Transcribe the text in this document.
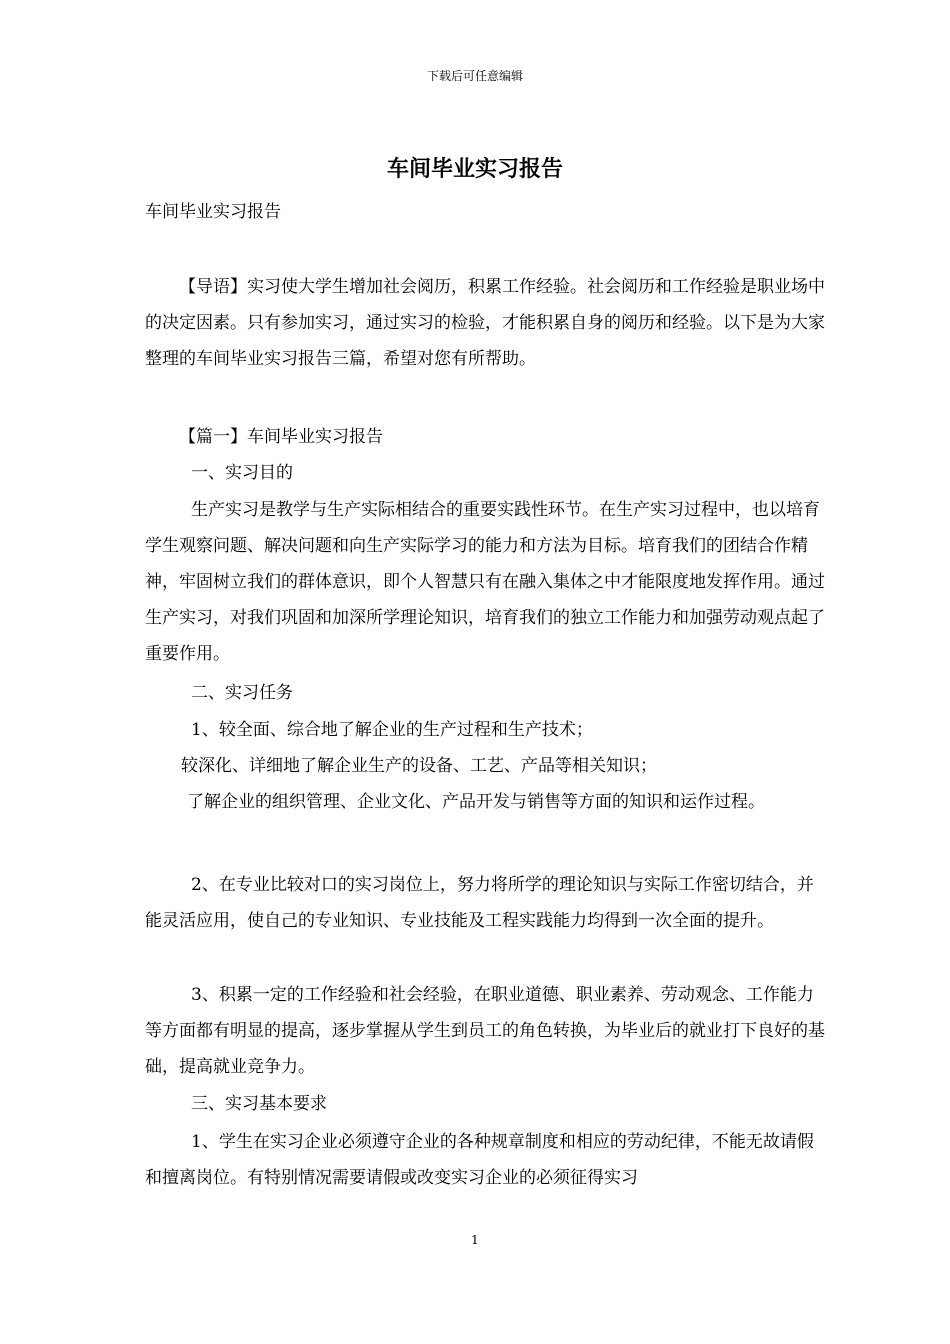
下载后可任意编辑
车间毕业实习报告
车间毕业实习报告

【导语】实习使大学生增加社会阅历，积累工作经验。社会阅历和工作经验是职业场中的决定因素。只有参加实习，通过实习的检验，才能积累自身的阅历和经验。以下是为大家整理的车间毕业实习报告三篇，希望对您有所帮助。

【篇一】车间毕业实习报告

一、实习目的

生产实习是教学与生产实际相结合的重要实践性环节。在生产实习过程中，也以培育学生观察问题、解决问题和向生产实际学习的能力和方法为目标。培育我们的团结合作精神，牢固树立我们的群体意识，即个人智慧只有在融入集体之中才能限度地发挥作用。通过生产实习，对我们巩固和加深所学理论知识，培育我们的独立工作能力和加强劳动观点起了重要作用。

二、实习任务

1、较全面、综合地了解企业的生产过程和生产技术；

较深化、详细地了解企业生产的设备、工艺、产品等相关知识；

了解企业的组织管理、企业文化、产品开发与销售等方面的知识和运作过程。

2、在专业比较对口的实习岗位上，努力将所学的理论知识与实际工作密切结合，并能灵活应用，使自己的专业知识、专业技能及工程实践能力均得到一次全面的提升。

3、积累一定的工作经验和社会经验，在职业道德、职业素养、劳动观念、工作能力等方面都有明显的提高，逐步掌握从学生到员工的角色转换，为毕业后的就业打下良好的基础，提高就业竞争力。

三、实习基本要求

1、学生在实习企业必须遵守企业的各种规章制度和相应的劳动纪律，不能无故请假和擅离岗位。有特别情况需要请假或改变实习企业的必须征得实习

1
